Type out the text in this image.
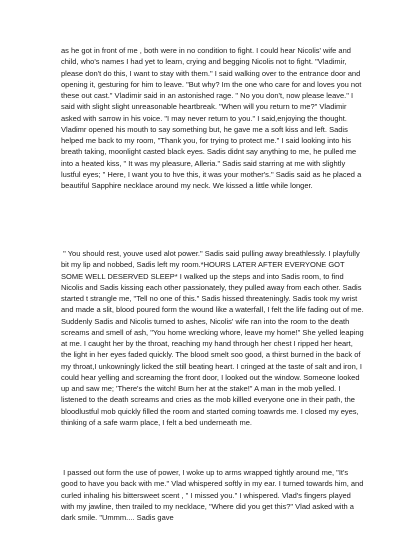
as he got in front of me , both were in no condition to fight. I could hear Nicolis' wife and child, who's names I had yet to learn, crying and begging Nicolis not to fight. "Vladimir, please don't do this, I want to stay with them." I said walking over to the entrance door and opening it, gesturing for him to leave. "But why? Im the one who care for and loves you not these out cast." Vladimir said in an astonished rage. " No you don't, now please leave." I said with slight slight unreasonable heartbreak. "When will you return to me?" Vladimir asked with sarrow in his voice. "I may never return to you." I said,enjoying the thought. Vladimr opened his mouth to say something but, he gave me a soft kiss and left. Sadis helped me back to my room, "Thank you, for trying to protect me." I said looking into his breath taking, moonlight casted black eyes. Sadis didnt say anything to me, he pulled me into a heated kiss, " It was my pleasure, Alleria." Sadis said starring at me with slightly lustful eyes; " Here, I want you to hve this, it was your mother's." Sadis said as he placed a beautiful Sapphire necklace around my neck. We kissed a little while longer.

" You should rest, youve used alot power." Sadis said pulling away breathlessly. I playfully bit my lip and nobbed, Sadis left my room.*HOURS LATER AFTER EVERYONE GOT SOME WELL DESERVED SLEEP* I walked up the steps and into Sadis room, to find Nicolis and Sadis kissing each other passionately, they pulled away from each other. Sadis started t strangle me, "Tell no one of this." Sadis hissed threateningly. Sadis took my wrist and made a slit, blood poured form the wound like a waterfall, I felt the life fading out of me. Suddenly Sadis and Nicolis turned to ashes, Nicolis' wife ran into the room to the death screams and smell of ash, "You home wrecking whore, leave my home!" She yelled leaping at me. I caught her by the throat, reaching my hand through her chest I ripped her heart, the light in her eyes faded quickly. The blood smelt soo good, a thirst burned in the back of my throat,I unkowningly licked the still beating heart. I cringed at the taste of salt and iron, I could hear yelling and screaming the front door, I looked out the window. Someone looked up and saw me; 'There's the witch! Burn her at the stake!" A man in the mob yelled. I listened to the death screams and cries as the mob killled everyone one in their path, the bloodlustful mob quickly filled the room and started coming toawrds me. I closed my eyes, thinking of a safe warm place, I felt a bed underneath me.

I passed out form the use of power, I woke up to arms wrapped tightly around me, "It's good to have you back with me." Vlad whispered softly in my ear. I turned towards him, and curled inhaling his bittersweet scent , " I missed you." I whispered. Vlad's fingers played with my jawline, then trailed to my necklace, "Where did you get this?" Vlad asked with a dark smile. "Ummm.... Sadis gave
